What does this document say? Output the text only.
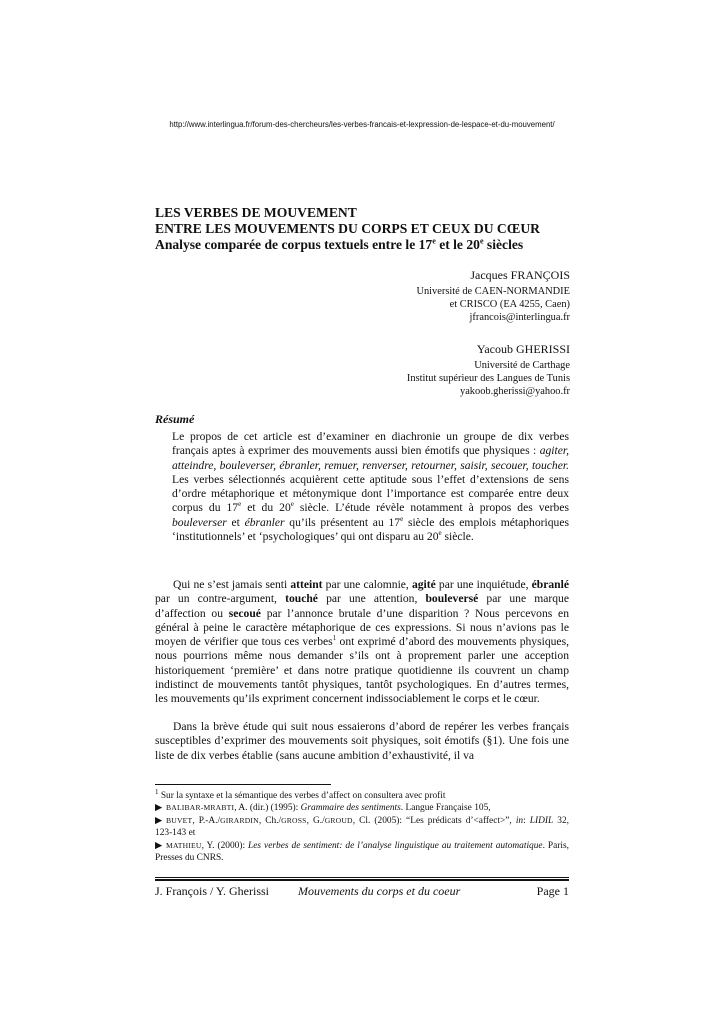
http://www.interlingua.fr/forum-des-chercheurs/les-verbes-francais-et-lexpression-de-lespace-et-du-mouvement/
LES VERBES DE MOUVEMENT
ENTRE LES MOUVEMENTS DU CORPS ET CEUX DU CŒUR
Analyse comparée de corpus textuels entre le 17e et le 20e siècles
Jacques FRANÇOIS
Université de CAEN-NORMANDIE
et CRISCO (EA 4255, Caen)
jfrancois@interlingua.fr
Yacoub GHERISSI
Université de Carthage
Institut supérieur des Langues de Tunis
yakoob.gherissi@yahoo.fr
Résumé
Le propos de cet article est d’examiner en diachronie un groupe de dix verbes français aptes à exprimer des mouvements aussi bien émotifs que physiques : agiter, atteindre, bouleverser, ébranler, remuer, renverser, retourner, saisir, secouer, toucher. Les verbes sélectionnés acquièrent cette aptitude sous l’effet d’extensions de sens d’ordre métaphorique et métonymique dont l’importance est comparée entre deux corpus du 17e et du 20e siècle. L’étude révèle notamment à propos des verbes bouleverser et ébranler qu’ils présentent au 17e siècle des emplois métaphoriques ‘institutionnels’ et ‘psychologiques’ qui ont disparu au 20e siècle.

Qui ne s’est jamais senti atteint par une calomnie, agité par une inquiétude, ébranlé par un contre-argument, touché par une attention, bouleversé par une marque d’affection ou secoué par l’annonce brutale d’une disparition ? Nous percevons en général à peine le caractère métaphorique de ces expressions. Si nous n’avions pas le moyen de vérifier que tous ces verbes$^1$ ont exprimé d’abord des mouvements physiques, nous pourrions même nous demander s’ils ont à proprement parler une acception historiquement ‘première’ et dans notre pratique quotidienne ils couvrent un champ indistinct de mouvements tantôt physiques, tantôt psychologiques. En d’autres termes, les mouvements qu’ils expriment concernent indissociablement le corps et le cœur.

Dans la brève étude qui suit nous essaierons d’abord de repérer les verbes français susceptibles d’exprimer des mouvements soit physiques, soit émotifs (§1). Une fois une liste de dix verbes établie (sans aucune ambition d’exhaustivité, il va

$^1$ Sur la syntaxe et la sémantique des verbes d’affect on consultera avec profit
▶ BALIBAR-MRABTI, A. (dir.) (1995): Grammaire des sentiments. Langue Française 105,
▶ BUVET, P.-A./GIRARDIN, Ch./GROSS, G./GROUD, Cl. (2005): “Les prédicats d’<affect>”, in: LIDIL 32, 123-143 et
▶ MATHIEU, Y. (2000): Les verbes de sentiment: de l’analyse linguistique au traitement automatique. Paris, Presses du CNRS.
J. François / Y. Gherissi Mouvements du corps et du coeur	Page 1
